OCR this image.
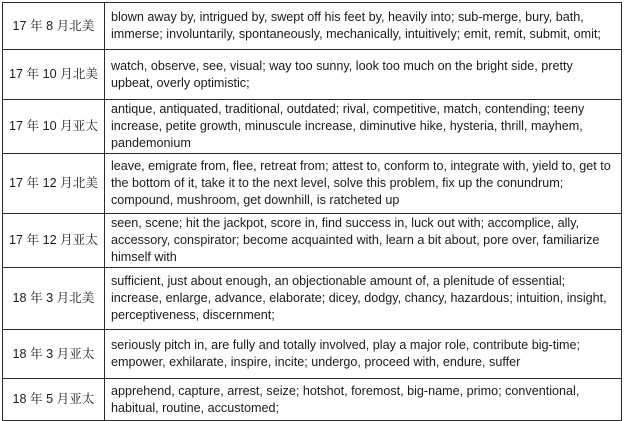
17 年 8 月北美	blown away by, intrigued by, swept off his feet by, heavily into; sub-merge, bury, bath, immerse; involuntarily, spontaneously, mechanically, intuitively; emit, remit, submit, omit;
17 年 10 月北美	watch, observe, see, visual; way too sunny, look too much on the bright side, pretty upbeat, overly optimistic;
17 年 10 月亚太	antique, antiquated, traditional, outdated; rival, competitive, match, contending; teeny increase, petite growth, minuscule increase, diminutive hike, hysteria, thrill, mayhem, pandemonium
17 年 12 月北美	leave, emigrate from, flee, retreat from; attest to, conform to, integrate with, yield to, get to the bottom of it, take it to the next level, solve this problem, fix up the conundrum; compound, mushroom, get downhill, is ratcheted up
17 年 12 月亚太	seen, scene; hit the jackpot, score in, find success in, luck out with; accomplice, ally, accessory, conspirator; become acquainted with, learn a bit about, pore over, familiarize himself with
18 年 3 月北美	sufficient, just about enough, an objectionable amount of, a plenitude of essential; increase, enlarge, advance, elaborate; dicey, dodgy, chancy, hazardous; intuition, insight, perceptiveness, discernment;
18 年 3 月亚太	seriously pitch in, are fully and totally involved, play a major role, contribute big-time; empower, exhilarate, inspire, incite; undergo, proceed with, endure, suffer
18 年 5 月亚太	apprehend, capture, arrest, seize; hotshot, foremost, big-name, primo; conventional, habitual, routine, accustomed;
